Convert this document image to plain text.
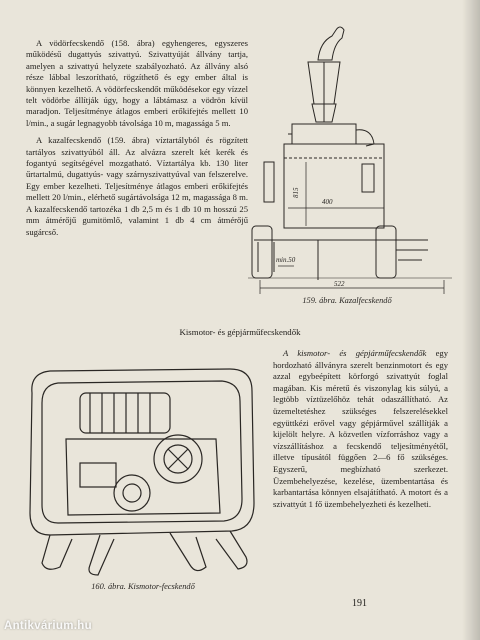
A vödörfecskendő (158. ábra) egyhengeres, egyszeres működésű dugattyús szivattyú. Szivattyúját állvány tartja, amelyen a szivattyú helyzete szabályozható. Az állvány alsó része lábbal leszorítható, rögzíthető és egy ember által is könnyen kezelhető. A vödörfecskendőt működésekor egy vízzel telt vödörbe állítják úgy, hogy a lábtámasz a vödrön kívül maradjon. Teljesítménye átlagos emberi erőkifejtés mellett 10 l/min., a sugár legnagyobb távolsága 10 m, magassága 5 m.

A kazalfecskendő (159. ábra) víztartályból és rögzített tartályos szivattyúból áll. Az alvázra szerelt két kerék és fogantyú segítségével mozgatható. Víztartálya kb. 130 liter űrtartalmú, dugattyús- vagy szárnyszivattyúval van felszerelve. Egy ember kezelheti. Teljesítménye átlagos emberi erőkifejtés mellett 20 l/min., elérhető sugártávolsága 12 m, magassága 8 m. A kazalfecskendő tartozéka 1 db 2,5 m és 1 db 10 m hosszú 25 mm átmérőjű gumitömlő, valamint 1 db 4 cm átmérőjű sugárcső.

400
815
min.50
522
159. ábra. Kazalfecskendő
Kismotor- és gépjárműfecskendők
160. ábra. Kismotor-fecskendő

A kismotor- és gépjárműfecskendők egy hordozható állványra szerelt benzinmotort és egy azzal egybeépített körforgó szivattyút foglal magában. Kis méretű és viszonylag kis súlyú, a legtöbb víztüzelőhöz tehát odaszállítható. Az üzemeltetéshez szükséges felszerelésekkel együttkézi erővel vagy gépjárművel szállítják a kijelölt helyre. A közvetlen vízforráshoz vagy a vízszállításhoz a fecskendő teljesítményétől, illetve típusától függően 2—6 fő szükséges. Egyszerű, megbízható szerkezet. Üzembehelyezése, kezelése, üzembentartása és karbantartása könnyen elsajátítható. A motort és a szivattyút 1 fő üzembehelyezheti és kezelheti.

191
Antikvárium.hu
